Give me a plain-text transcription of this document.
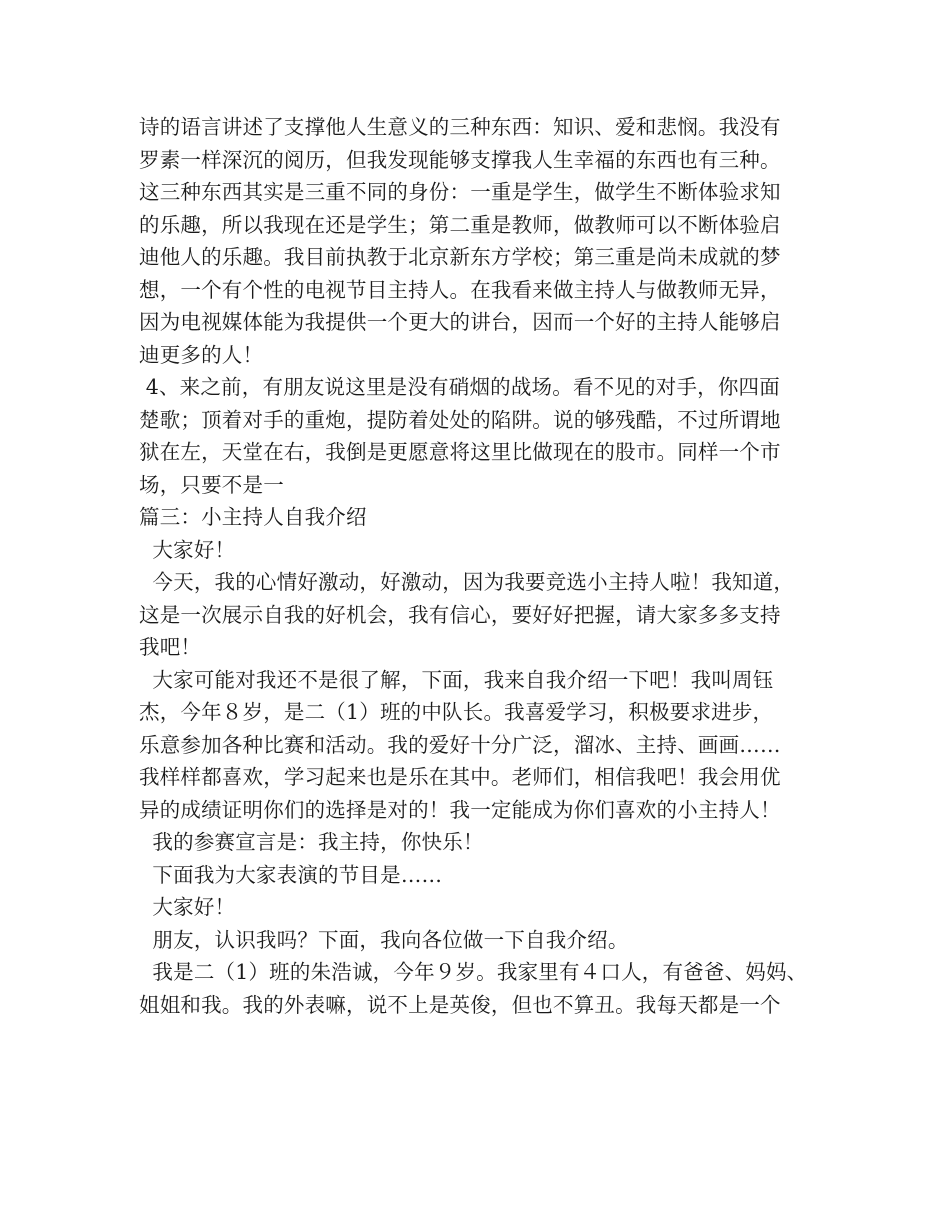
诗的语言讲述了支撑他人生意义的三种东西：知识、爱和悲悯。我没有
罗素一样深沉的阅历，但我发现能够支撑我人生幸福的东西也有三种。
这三种东西其实是三重不同的身份：一重是学生，做学生不断体验求知
的乐趣，所以我现在还是学生；第二重是教师，做教师可以不断体验启
迪他人的乐趣。我目前执教于北京新东方学校；第三重是尚未成就的梦
想，一个有个性的电视节目主持人。在我看来做主持人与做教师无异，
因为电视媒体能为我提供一个更大的讲台，因而一个好的主持人能够启
迪更多的人！
4、来之前，有朋友说这里是没有硝烟的战场。看不见的对手，你四面
楚歌；顶着对手的重炮，提防着处处的陷阱。说的够残酷，不过所谓地
狱在左，天堂在右，我倒是更愿意将这里比做现在的股市。同样一个市
场，只要不是一
篇三：小主持人自我介绍
大家好！
今天，我的心情好激动，好激动，因为我要竞选小主持人啦！我知道，
这是一次展示自我的好机会，我有信心，要好好把握，请大家多多支持
我吧！
大家可能对我还不是很了解，下面，我来自我介绍一下吧！我叫周钰
杰，今年８岁，是二（1）班的中队长。我喜爱学习，积极要求进步，
乐意参加各种比赛和活动。我的爱好十分广泛，溜冰、主持、画画……
我样样都喜欢，学习起来也是乐在其中。老师们，相信我吧！我会用优
异的成绩证明你们的选择是对的！我一定能成为你们喜欢的小主持人！
我的参赛宣言是：我主持，你快乐！
下面我为大家表演的节目是……
大家好！
朋友，认识我吗？下面，我向各位做一下自我介绍。
我是二（1）班的朱浩诚，今年９岁。我家里有４口人，有爸爸、妈妈、
姐姐和我。我的外表嘛，说不上是英俊，但也不算丑。我每天都是一个
